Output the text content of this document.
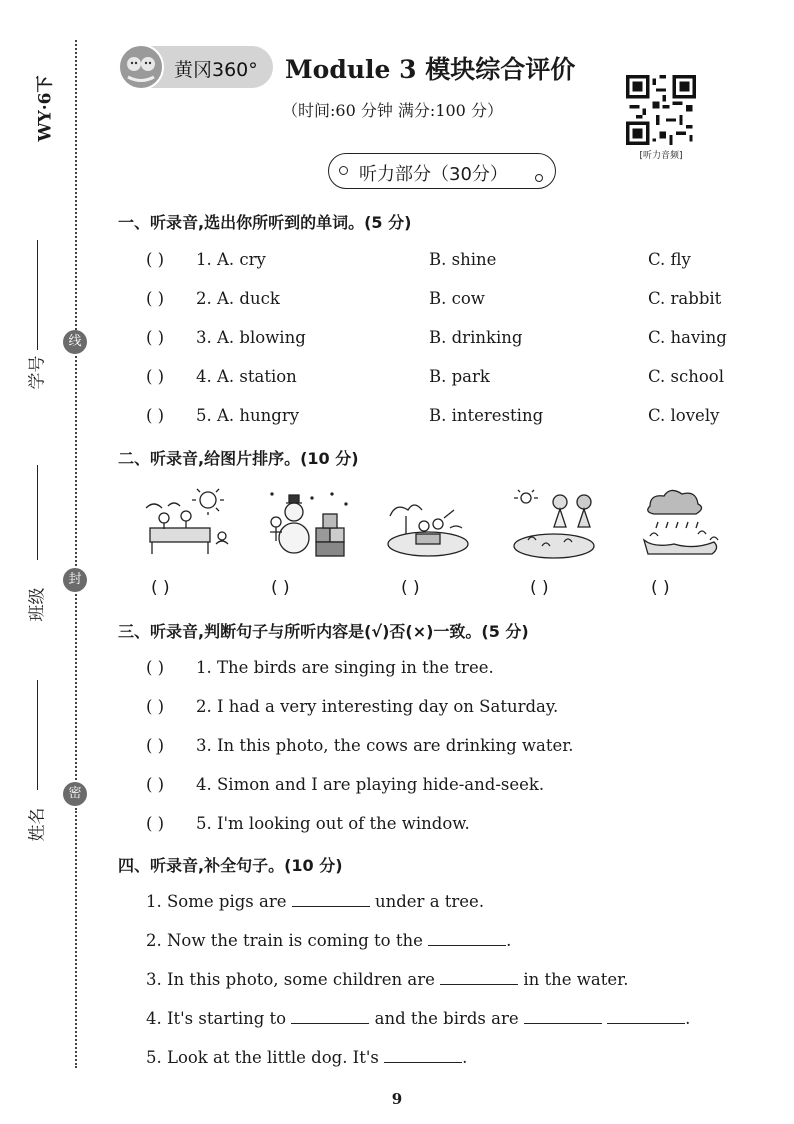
WY·6下
学号
班级
姓名
线
封
密
黄冈360° Module 3 模块综合评价
（时间:60 分钟 满分:100 分）
[听力音频]
听力部分（30分）
一、听录音,选出你所听到的单词。(5 分)
( ) 1. A. cry	B. shine	C. fly
( ) 2. A. duck	B. cow	C. rabbit
( ) 3. A. blowing	B. drinking	C. having
( ) 4. A. station	B. park	C. school
( ) 5. A. hungry	B. interesting	C. lovely
二、听录音,给图片排序。(10 分)
( )	( )	( )	( )	( )
三、听录音,判断句子与所听内容是(√)否(×)一致。(5 分)
( ) 1. The birds are singing in the tree.
( ) 2. I had a very interesting day on Saturday.
( ) 3. In this photo, the cows are drinking water.
( ) 4. Simon and I are playing hide-and-seek.
( ) 5. I'm looking out of the window.
四、听录音,补全句子。(10 分)
1. Some pigs are	under a tree.
2. Now the train is coming to the	.
3. In this photo, some children are	in the water.
4. It's starting to	and the birds are	.
5. Look at the little dog. It's	.
9
